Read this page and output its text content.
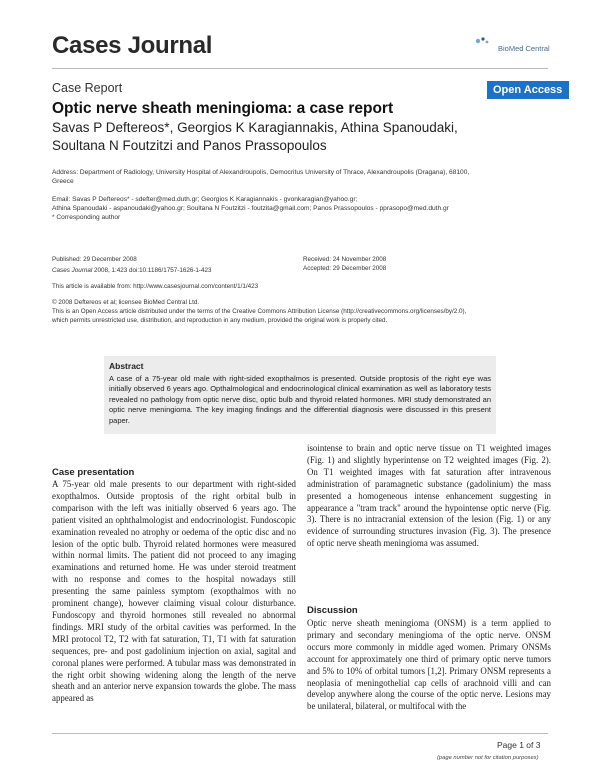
Cases Journal	BioMed Central
Case Report	Open Access
Optic nerve sheath meningioma: a case report
Savas P Deftereos*, Georgios K Karagiannakis, Athina Spanoudaki,
Soultana N Foutzitzi and Panos Prassopoulos
Address: Department of Radiology, University Hospital of Alexandroupolis, Democritus University of Thrace, Alexandroupolis (Dragana), 68100,
Greece
Email: Savas P Deftereos* - sdefter@med.duth.gr; Georgios K Karagiannakis - gvonkaragian@yahoo.gr;
Athina Spanoudaki - aspanoudaki@yahoo.gr; Soultana N Foutzitzi - foutzita@gmail.com; Panos Prassopoulos - pprasopo@med.duth.gr
* Corresponding author
Published: 29 December 2008
Cases Journal 2008, 1:423 doi:10.1186/1757-1626-1-423
Received: 24 November 2008
Accepted: 29 December 2008
This article is available from: http://www.casesjournal.com/content/1/1/423
© 2008 Deftereos et al; licensee BioMed Central Ltd.
This is an Open Access article distributed under the terms of the Creative Commons Attribution License (http://creativecommons.org/licenses/by/2.0),
which permits unrestricted use, distribution, and reproduction in any medium, provided the original work is properly cited.
Abstract
A case of a 75-year old male with right-sided exopthalmos is presented. Outside proptosis of the right eye was initially observed 6 years ago. Opthalmological and endocrinological clinical examination as well as laboratory tests revealed no pathology from optic nerve disc, optic bulb and thyroid related hormones. MRI study demonstrated an optic nerve meningioma. The key imaging findings and the differential diagnosis were discussed in this present paper.
Case presentation
A 75-year old male presents to our department with right-sided exopthalmos. Outside proptosis of the right orbital bulb in comparison with the left was initially observed 6 years ago. The patient visited an ophthalmologist and endocrinologist. Fundoscopic examination revealed no atrophy or oedema of the optic disc and no lesion of the optic bulb. Thyroid related hormones were measured within normal limits. The patient did not proceed to any imaging examinations and returned home. He was under steroid treatment with no response and comes to the hospital nowadays still presenting the same painless symptom (exopthalmos with no prominent change), however claiming visual colour disturbance. Fundoscopy and thyroid hormones still revealed no abnormal findings. MRI study of the orbital cavities was performed. In the MRI protocol T2, T2 with fat saturation, T1, T1 with fat saturation sequences, pre- and post gadolinium injection on axial, sagital and coronal planes were performed. A tubular mass was demonstrated in the right orbit showing widening along the length of the nerve sheath and an anterior nerve expansion towards the globe. The mass appeared as
isointense to brain and optic nerve tissue on T1 weighted images (Fig. 1) and slightly hyperintense on T2 weighted images (Fig. 2). On T1 weighted images with fat saturation after intravenous administration of paramagnetic substance (gadolinium) the mass presented a homogeneous intense enhancement suggesting in appearance a "tram track" around the hypointense optic nerve (Fig. 3). There is no intracranial extension of the lesion (Fig. 1) or any evidence of surrounding structures invasion (Fig. 3). The presence of optic nerve sheath meningioma was assumed.
Discussion
Optic nerve sheath meningioma (ONSM) is a term applied to primary and secondary meningioma of the optic nerve. ONSM occurs more commonly in middle aged women. Primary ONSMs account for approximately one third of primary optic nerve tumors and 5% to 10% of orbital tumors [1,2]. Primary ONSM represents a neoplasia of meningothelial cap cells of arachnoid villi and can develop anywhere along the course of the optic nerve. Lesions may be unilateral, bilateral, or multifocal with the
Page 1 of 3
(page number not for citation purposes)
